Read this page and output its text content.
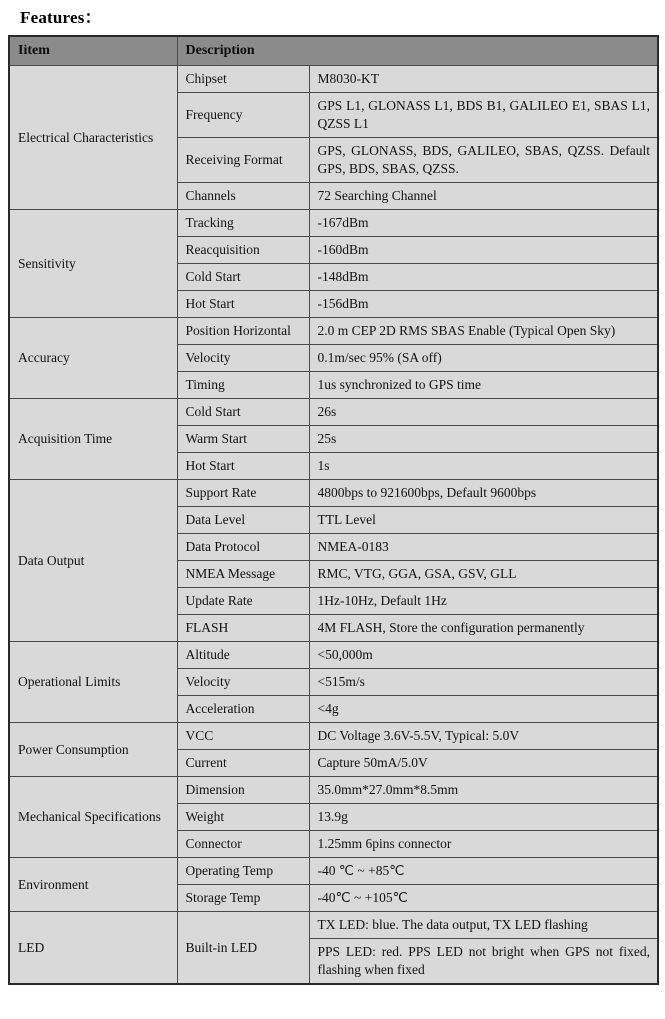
Features：
Iitem	Description	
Electrical Characteristics	Chipset	M8030-KT
	Frequency	GPS L1, GLONASS L1, BDS B1, GALILEO E1, SBAS L1, QZSS L1
	Receiving Format	GPS, GLONASS, BDS, GALILEO, SBAS, QZSS. Default GPS, BDS, SBAS, QZSS.
	Channels	72 Searching Channel
Sensitivity	Tracking	-167dBm
	Reacquisition	-160dBm
	Cold Start	-148dBm
	Hot Start	-156dBm
Accuracy	Position Horizontal	2.0 m CEP 2D RMS SBAS Enable (Typical Open Sky)
	Velocity	0.1m/sec 95% (SA off)
	Timing	1us synchronized to GPS time
Acquisition Time	Cold Start	26s
	Warm Start	25s
	Hot Start	1s
Data Output	Support Rate	4800bps to 921600bps, Default 9600bps
	Data Level	TTL Level
	Data Protocol	NMEA-0183
	NMEA Message	RMC, VTG, GGA, GSA, GSV, GLL
	Update Rate	1Hz-10Hz, Default 1Hz
	FLASH	4M FLASH, Store the configuration permanently
Operational Limits	Altitude	<50,000m
	Velocity	<515m/s
	Acceleration	<4g
Power Consumption	VCC	DC Voltage 3.6V-5.5V, Typical: 5.0V
	Current	Capture 50mA/5.0V
Mechanical Specifications	Dimension	35.0mm*27.0mm*8.5mm
	Weight	13.9g
	Connector	1.25mm 6pins connector
Environment	Operating Temp	-40 ℃ ~ +85℃
	Storage Temp	-40℃ ~ +105℃
LED	Built-in LED	TX LED: blue. The data output, TX LED flashing
		PPS LED: red. PPS LED not bright when GPS not fixed, flashing when fixed
